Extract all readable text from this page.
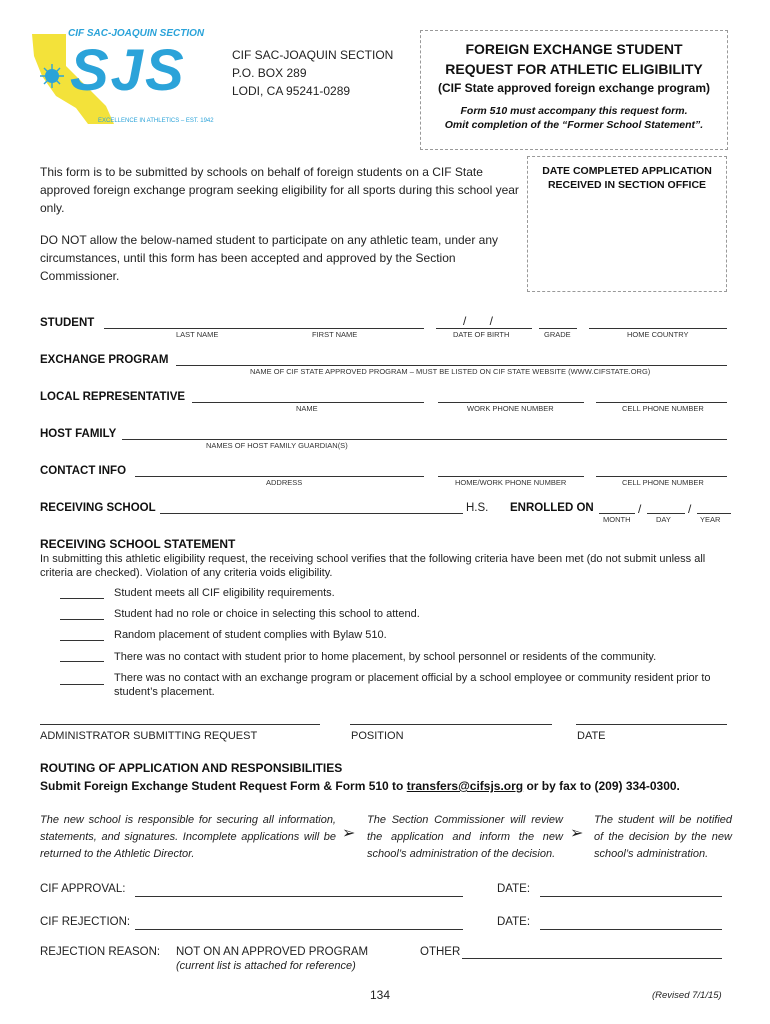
CIF SAC-JOAQUIN SECTION
SJS
EXCELLENCE IN ATHLETICS – EST. 1942
CIF SAC-JOAQUIN SECTION
P.O. BOX 289
LODI, CA 95241-0289
FOREIGN EXCHANGE STUDENT
REQUEST FOR ATHLETIC ELIGIBILITY
(CIF State approved foreign exchange program)
Form 510 must accompany this request form.
Omit completion of the “Former School Statement”.
This form is to be submitted by schools on behalf of foreign students on a CIF State approved foreign exchange program seeking eligibility for all sports during this school year only.
DO NOT allow the below-named student to participate on any athletic team, under any circumstances, until this form has been accepted and approved by the Section Commissioner.
DATE COMPLETED APPLICATION
RECEIVED IN SECTION OFFICE
STUDENT
LAST NAME	FIRST NAME
/       /
DATE OF BIRTH	GRADE	HOME COUNTRY
EXCHANGE PROGRAM
NAME OF CIF STATE APPROVED PROGRAM – MUST BE LISTED ON CIF STATE WEBSITE (WWW.CIFSTATE.ORG)
LOCAL REPRESENTATIVE
NAME	WORK PHONE NUMBER	CELL PHONE NUMBER
HOST FAMILY
NAMES OF HOST FAMILY GUARDIAN(S)
CONTACT INFO
ADDRESS	HOME/WORK PHONE NUMBER	CELL PHONE NUMBER
RECEIVING SCHOOL	H.S. ENROLLED ON	/	/
MONTH	DAY	YEAR
RECEIVING SCHOOL STATEMENT
In submitting this athletic eligibility request, the receiving school verifies that the following criteria have been met (do not submit unless all criteria are checked). Violation of any criteria voids eligibility.
Student meets all CIF eligibility requirements.
Student had no role or choice in selecting this school to attend.
Random placement of student complies with Bylaw 510.
There was no contact with student prior to home placement, by school personnel or residents of the community.
There was no contact with an exchange program or placement official by a school employee or community resident prior to student’s placement.
ADMINISTRATOR SUBMITTING REQUEST	POSITION	DATE
ROUTING OF APPLICATION AND RESPONSIBILITIES
Submit Foreign Exchange Student Request Form & Form 510 to transfers@cifsjs.org or by fax to (209) 334-0300.
The new school is responsible for securing all information, statements, and signatures. Incomplete applications will be returned to the Athletic Director.
➢
The Section Commissioner will review the application and inform the new school’s administration of the decision.
➢
The student will be notified of the decision by the new school’s administration.
CIF APPROVAL:	DATE:
CIF REJECTION:	DATE:
REJECTION REASON: NOT ON AN APPROVED PROGRAM
(current list is attached for reference)
OTHER
134	(Revised 7/1/15)
